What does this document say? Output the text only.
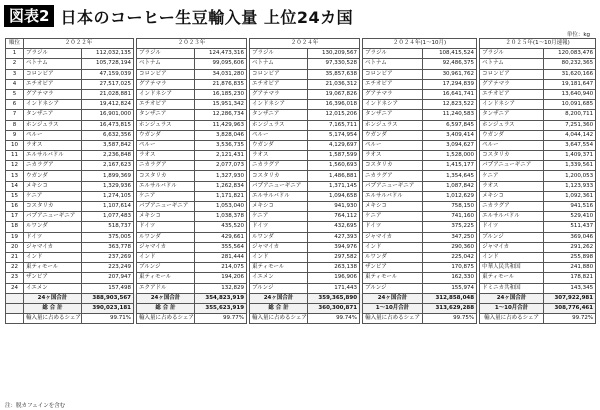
図表2 日本のコーヒー生豆輸入量 上位24カ国
単位：kg
順位	２０２２年			２０２３年			２０２４年			２０２４年(1〜10月)			２０２５年(1〜10月速報)	
1	ブラジル	112,032,135		ブラジル	124,473,316		ブラジル	130,209,567		ブラジル	108,415,524		ブラジル	120,083,476
2	ベトナム	105,728,194		ベトナム	99,095,606		ベトナム	97,330,528		ベトナム	92,486,375		ベトナム	80,232,365
3	コロンビア	47,159,039		コロンビア	34,031,280		コロンビア	35,857,638		コロンビア	30,961,762		コロンビア	31,620,166
4	エチオピア	27,517,025		グアテマラ	21,876,835		エチオピア	21,036,312		エチオピア	17,294,839		グアテマラ	19,181,647
5	グアテマラ	21,028,881		インドネシア	16,185,230		グアテマラ	19,067,826		グアテマラ	16,641,741		エチオピア	13,640,940
6	インドネシア	19,412,824		エチオピア	15,951,342		インドネシア	16,396,018		インドネシア	12,823,522		インドネシア	10,091,685
7	タンザニア	16,901,000		タンザニア	12,286,734		タンザニア	12,015,206		タンザニア	11,240,583		タンザニア	8,200,711
8	ホンジュラス	16,473,815		ホンジュラス	11,429,963		ホンジュラス	7,165,711		ホンジュラス	6,597,845		ホンジュラス	7,251,360
9	ペルー	6,632,356		ウガンダ	3,828,046		ペルー	5,174,954		ウガンダ	3,409,414		ウガンダ	4,044,142
10	ラオス	3,587,842		ペルー	3,536,735		ウガンダ	4,129,697		ペルー	3,094,627		ペルー	3,647,554
11	エルサルバドル	2,236,848		ラオス	2,121,431		ラオス	1,587,599		ラオス	1,528,000		コスタリカ	1,409,371
12	ニカラグア	2,167,623		ニカラグア	2,077,073		ニカラグア	1,560,693		コスタリカ	1,415,177		パプアニューギニア	1,339,561
13	ウガンダ	1,899,369		コスタリカ	1,327,930		コスタリカ	1,486,881		ニカラグア	1,354,645		ケニア	1,200,053
14	メキシコ	1,329,936		エルサルバドル	1,262,834		パプアニューギニア	1,371,145		パプアニューギニア	1,087,842		ラオス	1,123,933
15	ケニア	1,274,105		ケニア	1,171,821		エルサルバドル	1,094,658		エルサルバドル	1,012,629		メキシコ	1,092,361
16	コスタリカ	1,107,614		パプアニューギニア	1,053,040		メキシコ	941,930		メキシコ	758,150		ニカラグア	941,516
17	パプアニューギニア	1,077,483		メキシコ	1,038,378		ケニア	764,112		ケニア	741,160		エルサルバドル	529,410
18	ルワンダ	518,737		ドイツ	435,520		ドイツ	432,695		ドイツ	375,225		ドイツ	511,437
19	ドイツ	375,005		ルワンダ	429,661		ルワンダ	427,393		ジャマイカ	347,250		ブルンジ	369,046
20	ジャマイカ	363,778		ジャマイカ	355,564		ジャマイカ	394,976		インド	290,360		ジャマイカ	291,262
21	インド	237,269		インド	281,444		インド	297,582		ルワンダ	225,042		インド	255,898
22	東ティモール	223,249		ブルンジ	214,075		東ティモール	263,138		ザンビア	170,875		中華人民共和国	241,880
23	ザンビア	207,947		東ティモール	194,206		イエメン	196,906		東ティモール	162,330		東ティモール	178,821
24	イエメン	157,498		エクアドル	132,829		ブルンジ	171,443		ブルンジ	155,974		ドミニカ共和国	143,345
	24ヶ国合計	388,903,567		24ヶ国合計	354,823,919		24ヶ国合計	359,365,890		24ヶ国合計	312,858,048		24ヶ国合計	307,922,981
	総 合 計	390,023,181		総 合 計	355,623,919		総 合 計	360,300,871		1〜10月合計	313,629,288		1〜10月合計	308,776,461
	輸入量に占めるシェア	99.71%		輸入量に占めるシェア	99.77%		輸入量に占めるシェア	99.74%		輸入量に占めるシェア	99.75%		輸入量に占めるシェア	99.72%
注：脱カフェインを含む
